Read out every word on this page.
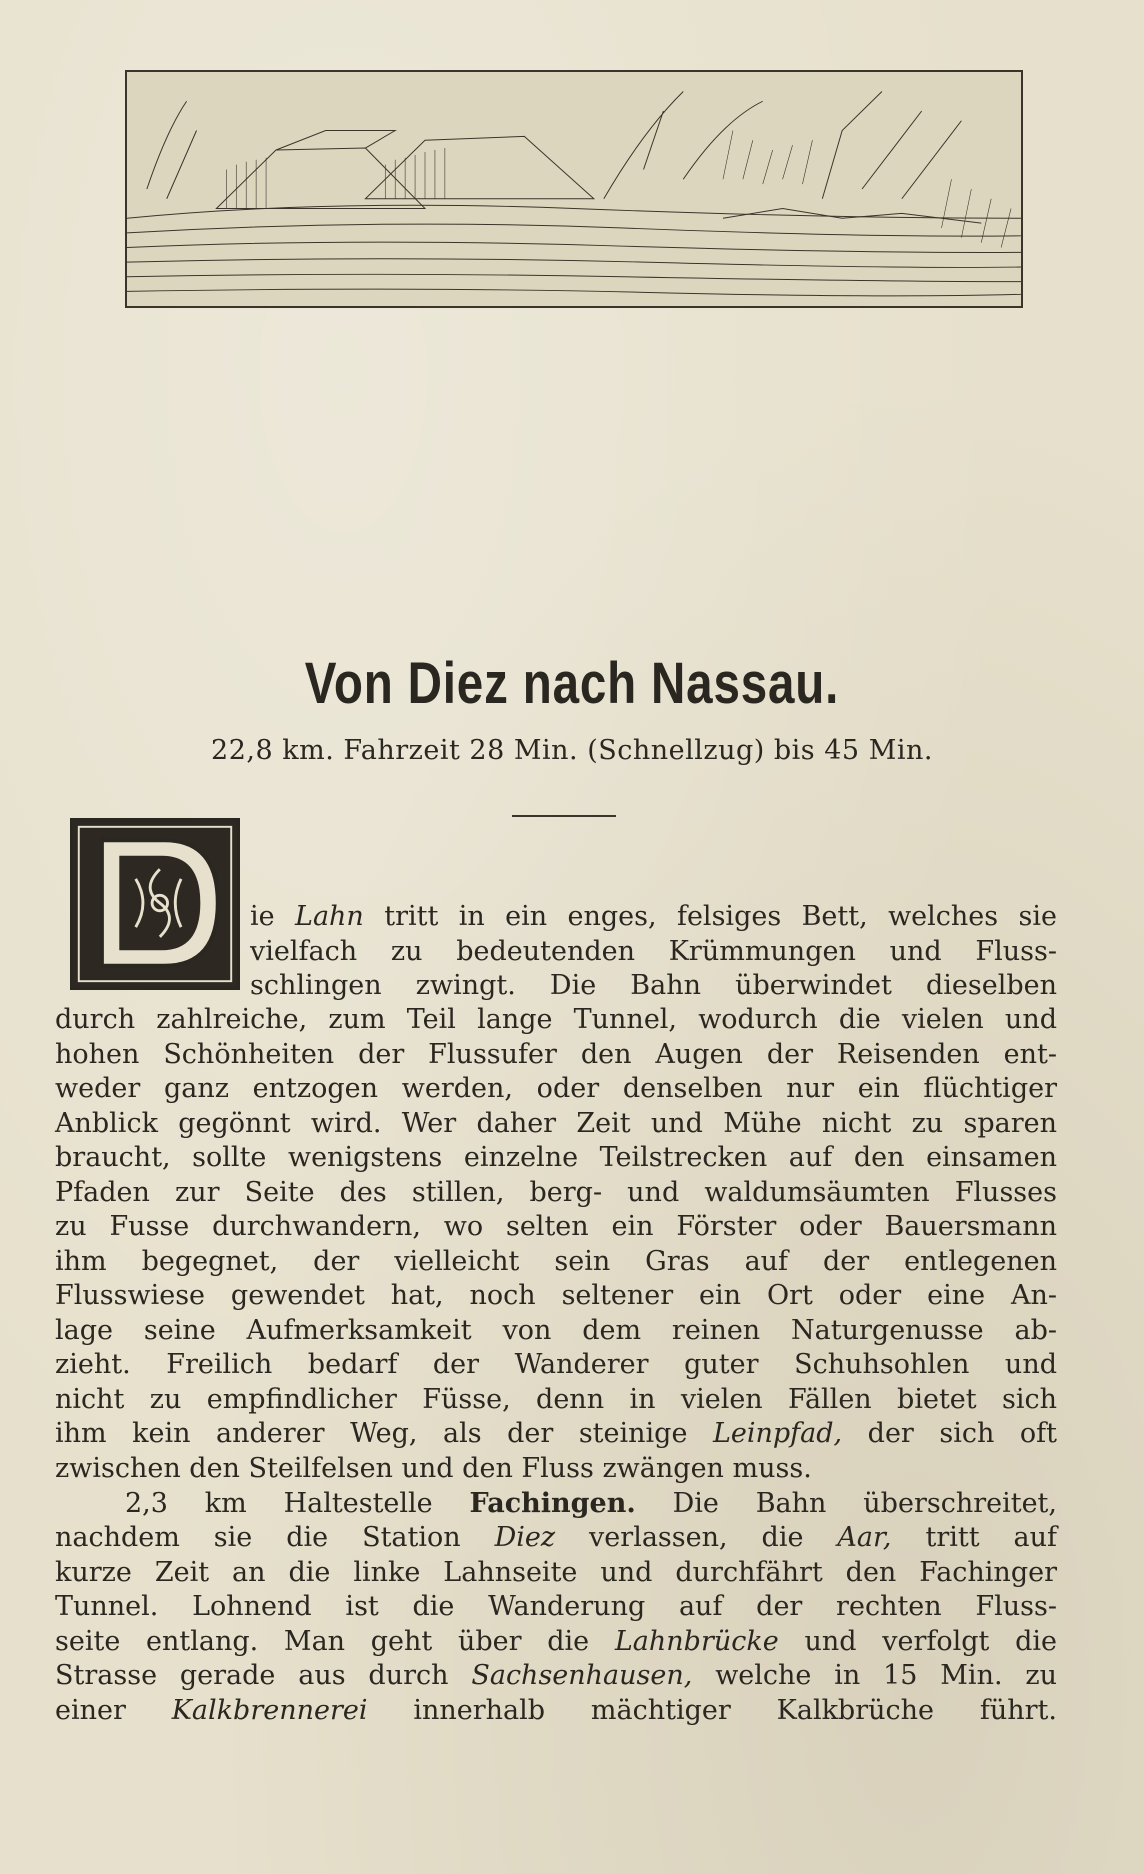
Von Diez nach Nassau.
22,8 km. Fahrzeit 28 Min. (Schnellzug) bis 45 Min.
ie Lahn tritt in ein enges, felsiges Bett, welches sie
vielfach zu bedeutenden Krümmungen und Fluss-
schlingen zwingt. Die Bahn überwindet dieselben
durch zahlreiche, zum Teil lange Tunnel, wodurch die vielen und
hohen Schönheiten der Flussufer den Augen der Reisenden ent-
weder ganz entzogen werden, oder denselben nur ein flüchtiger
Anblick gegönnt wird. Wer daher Zeit und Mühe nicht zu sparen
braucht, sollte wenigstens einzelne Teilstrecken auf den einsamen
Pfaden zur Seite des stillen, berg- und waldumsäumten Flusses
zu Fusse durchwandern, wo selten ein Förster oder Bauersmann
ihm begegnet, der vielleicht sein Gras auf der entlegenen
Flusswiese gewendet hat, noch seltener ein Ort oder eine An-
lage seine Aufmerksamkeit von dem reinen Naturgenusse ab-
zieht. Freilich bedarf der Wanderer guter Schuhsohlen und
nicht zu empfindlicher Füsse, denn in vielen Fällen bietet sich
ihm kein anderer Weg, als der steinige Leinpfad, der sich oft
zwischen den Steilfelsen und den Fluss zwängen muss.
2,3 km Haltestelle Fachingen. Die Bahn überschreitet,
nachdem sie die Station Diez verlassen, die Aar, tritt auf
kurze Zeit an die linke Lahnseite und durchfährt den Fachinger
Tunnel. Lohnend ist die Wanderung auf der rechten Fluss-
seite entlang. Man geht über die Lahnbrücke und verfolgt die
Strasse gerade aus durch Sachsenhausen, welche in 15 Min. zu
einer Kalkbrennerei innerhalb mächtiger Kalkbrüche führt.
